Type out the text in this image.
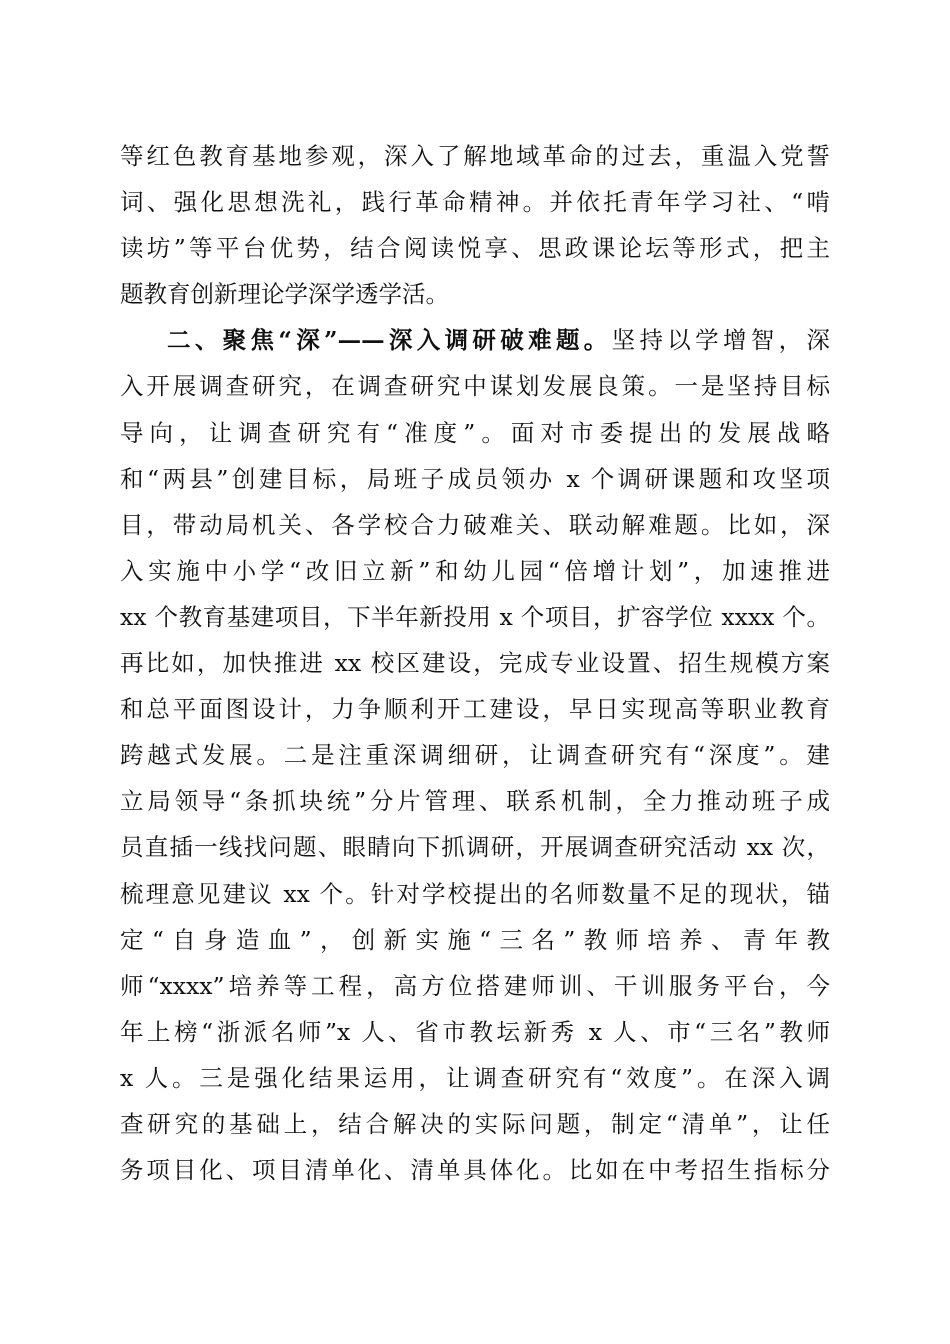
等红色教育基地参观，深入了解地域革命的过去，重温入党誓
词、强化思想洗礼，践行革命精神。并依托青年学习社、“啃
读坊”等平台优势，结合阅读悦享、思政课论坛等形式，把主
题教育创新理论学深学透学活。
二、聚焦“深”——深入调研破难题。坚持以学增智，深
入开展调查研究，在调查研究中谋划发展良策。一是坚持目标
导向，让调查研究有“准度”。面对市委提出的发展战略
和“两县”创建目标，局班子成员领办 x 个调研课题和攻坚项
目，带动局机关、各学校合力破难关、联动解难题。比如，深
入实施中小学“改旧立新”和幼儿园“倍增计划”，加速推进
xx 个教育基建项目，下半年新投用 x 个项目，扩容学位 xxxx 个。
再比如，加快推进 xx 校区建设，完成专业设置、招生规模方案
和总平面图设计，力争顺利开工建设，早日实现高等职业教育
跨越式发展。二是注重深调细研，让调查研究有“深度”。建
立局领导“条抓块统”分片管理、联系机制，全力推动班子成
员直插一线找问题、眼睛向下抓调研，开展调查研究活动 xx 次，
梳理意见建议 xx 个。针对学校提出的名师数量不足的现状，锚
定“自身造血”，创新实施“三名”教师培养、青年教
师“xxxx”培养等工程，高方位搭建师训、干训服务平台，今
年上榜“浙派名师”x 人、省市教坛新秀 x 人、市“三名”教师
x 人。三是强化结果运用，让调查研究有“效度”。在深入调
查研究的基础上，结合解决的实际问题，制定“清单”，让任
务项目化、项目清单化、清单具体化。比如在中考招生指标分
